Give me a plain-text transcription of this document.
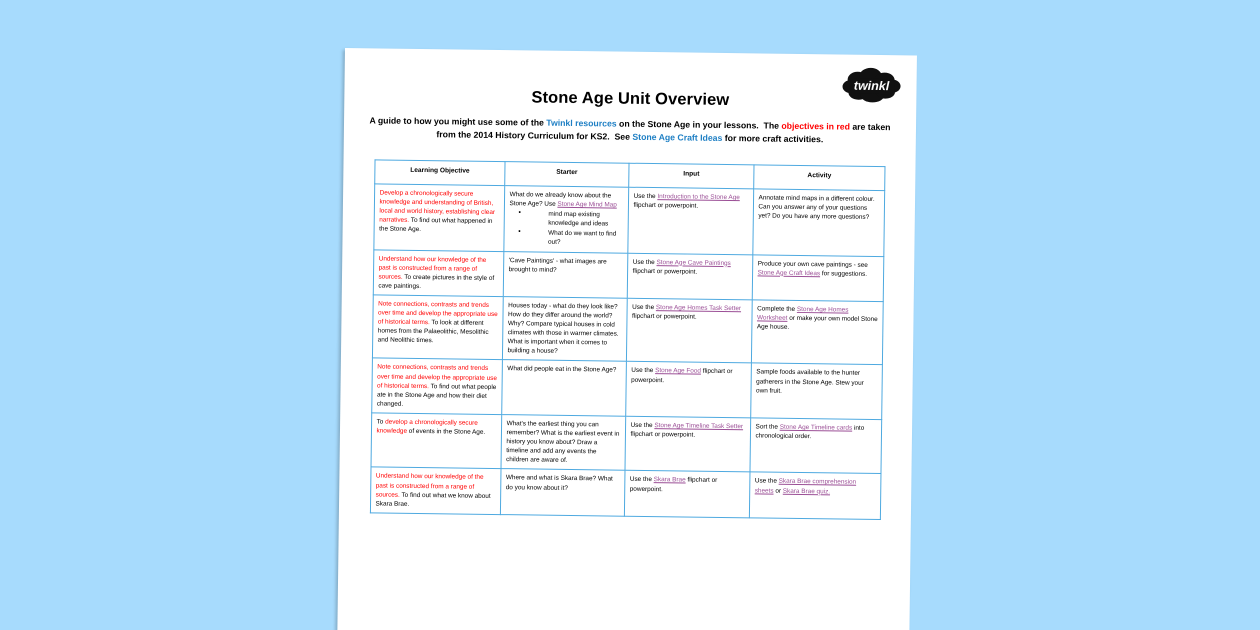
twinkl
Stone Age Unit Overview

A guide to how you might use some of the Twinkl resources on the Stone Age in your lessons.  The objectives in red are taken from the 2014 History Curriculum for KS2.  See Stone Age Craft Ideas for more craft activities.

Learning Objective	Starter	Input	Activity
Develop a chronologically secure knowledge and understanding of British, local and world history, establishing clear narratives. To find out what happened in the Stone Age.	What do we already know about the Stone Age? Use Stone Age Mind Map
● mind map existing knowledge and ideas
● What do we want to find out?
	Use the Introduction to the Stone Age flipchart or powerpoint.	Annotate mind maps in a different colour. Can you answer any of your questions yet? Do you have any more questions?
Understand how our knowledge of the past is constructed from a range of sources. To create pictures in the style of cave paintings.	'Cave Paintings' - what images are brought to mind?	Use the Stone Age Cave Paintings flipchart or powerpoint.	Produce your own cave paintings - see Stone Age Craft Ideas for suggestions.
Note connections, contrasts and trends over time and develop the appropriate use of historical terms. To look at different homes from the Palaeolithic, Mesolithic and Neolithic times.	Houses today - what do they look like? How do they differ around the world? Why? Compare typical houses in cold climates with those in warmer climates. What is important when it comes to building a house?	Use the Stone Age Homes Task Setter flipchart or powerpoint.	Complete the Stone Age Homes Worksheet or make your own model Stone Age house.
Note connections, contrasts and trends over time and develop the appropriate use of historical terms. To find out what people ate in the Stone Age and how their diet changed.	What did people eat in the Stone Age?	Use the Stone Age Food flipchart or powerpoint.	Sample foods available to the hunter gatherers in the Stone Age. Stew your own fruit.
To develop a chronologically secure knowledge of events in the Stone Age.	What's the earliest thing you can remember? What is the earliest event in history you know about? Draw a timeline and add any events the children are aware of.	Use the Stone Age Timeline Task Setter flipchart or powerpoint.	Sort the Stone Age Timeline cards into chronological order.
Understand how our knowledge of the past is constructed from a range of sources. To find out what we know about Skara Brae.	Where and what is Skara Brae? What do you know about it?	Use the Skara Brae flipchart or powerpoint.	Use the Skara Brae comprehension sheets or Skara Brae quiz.
